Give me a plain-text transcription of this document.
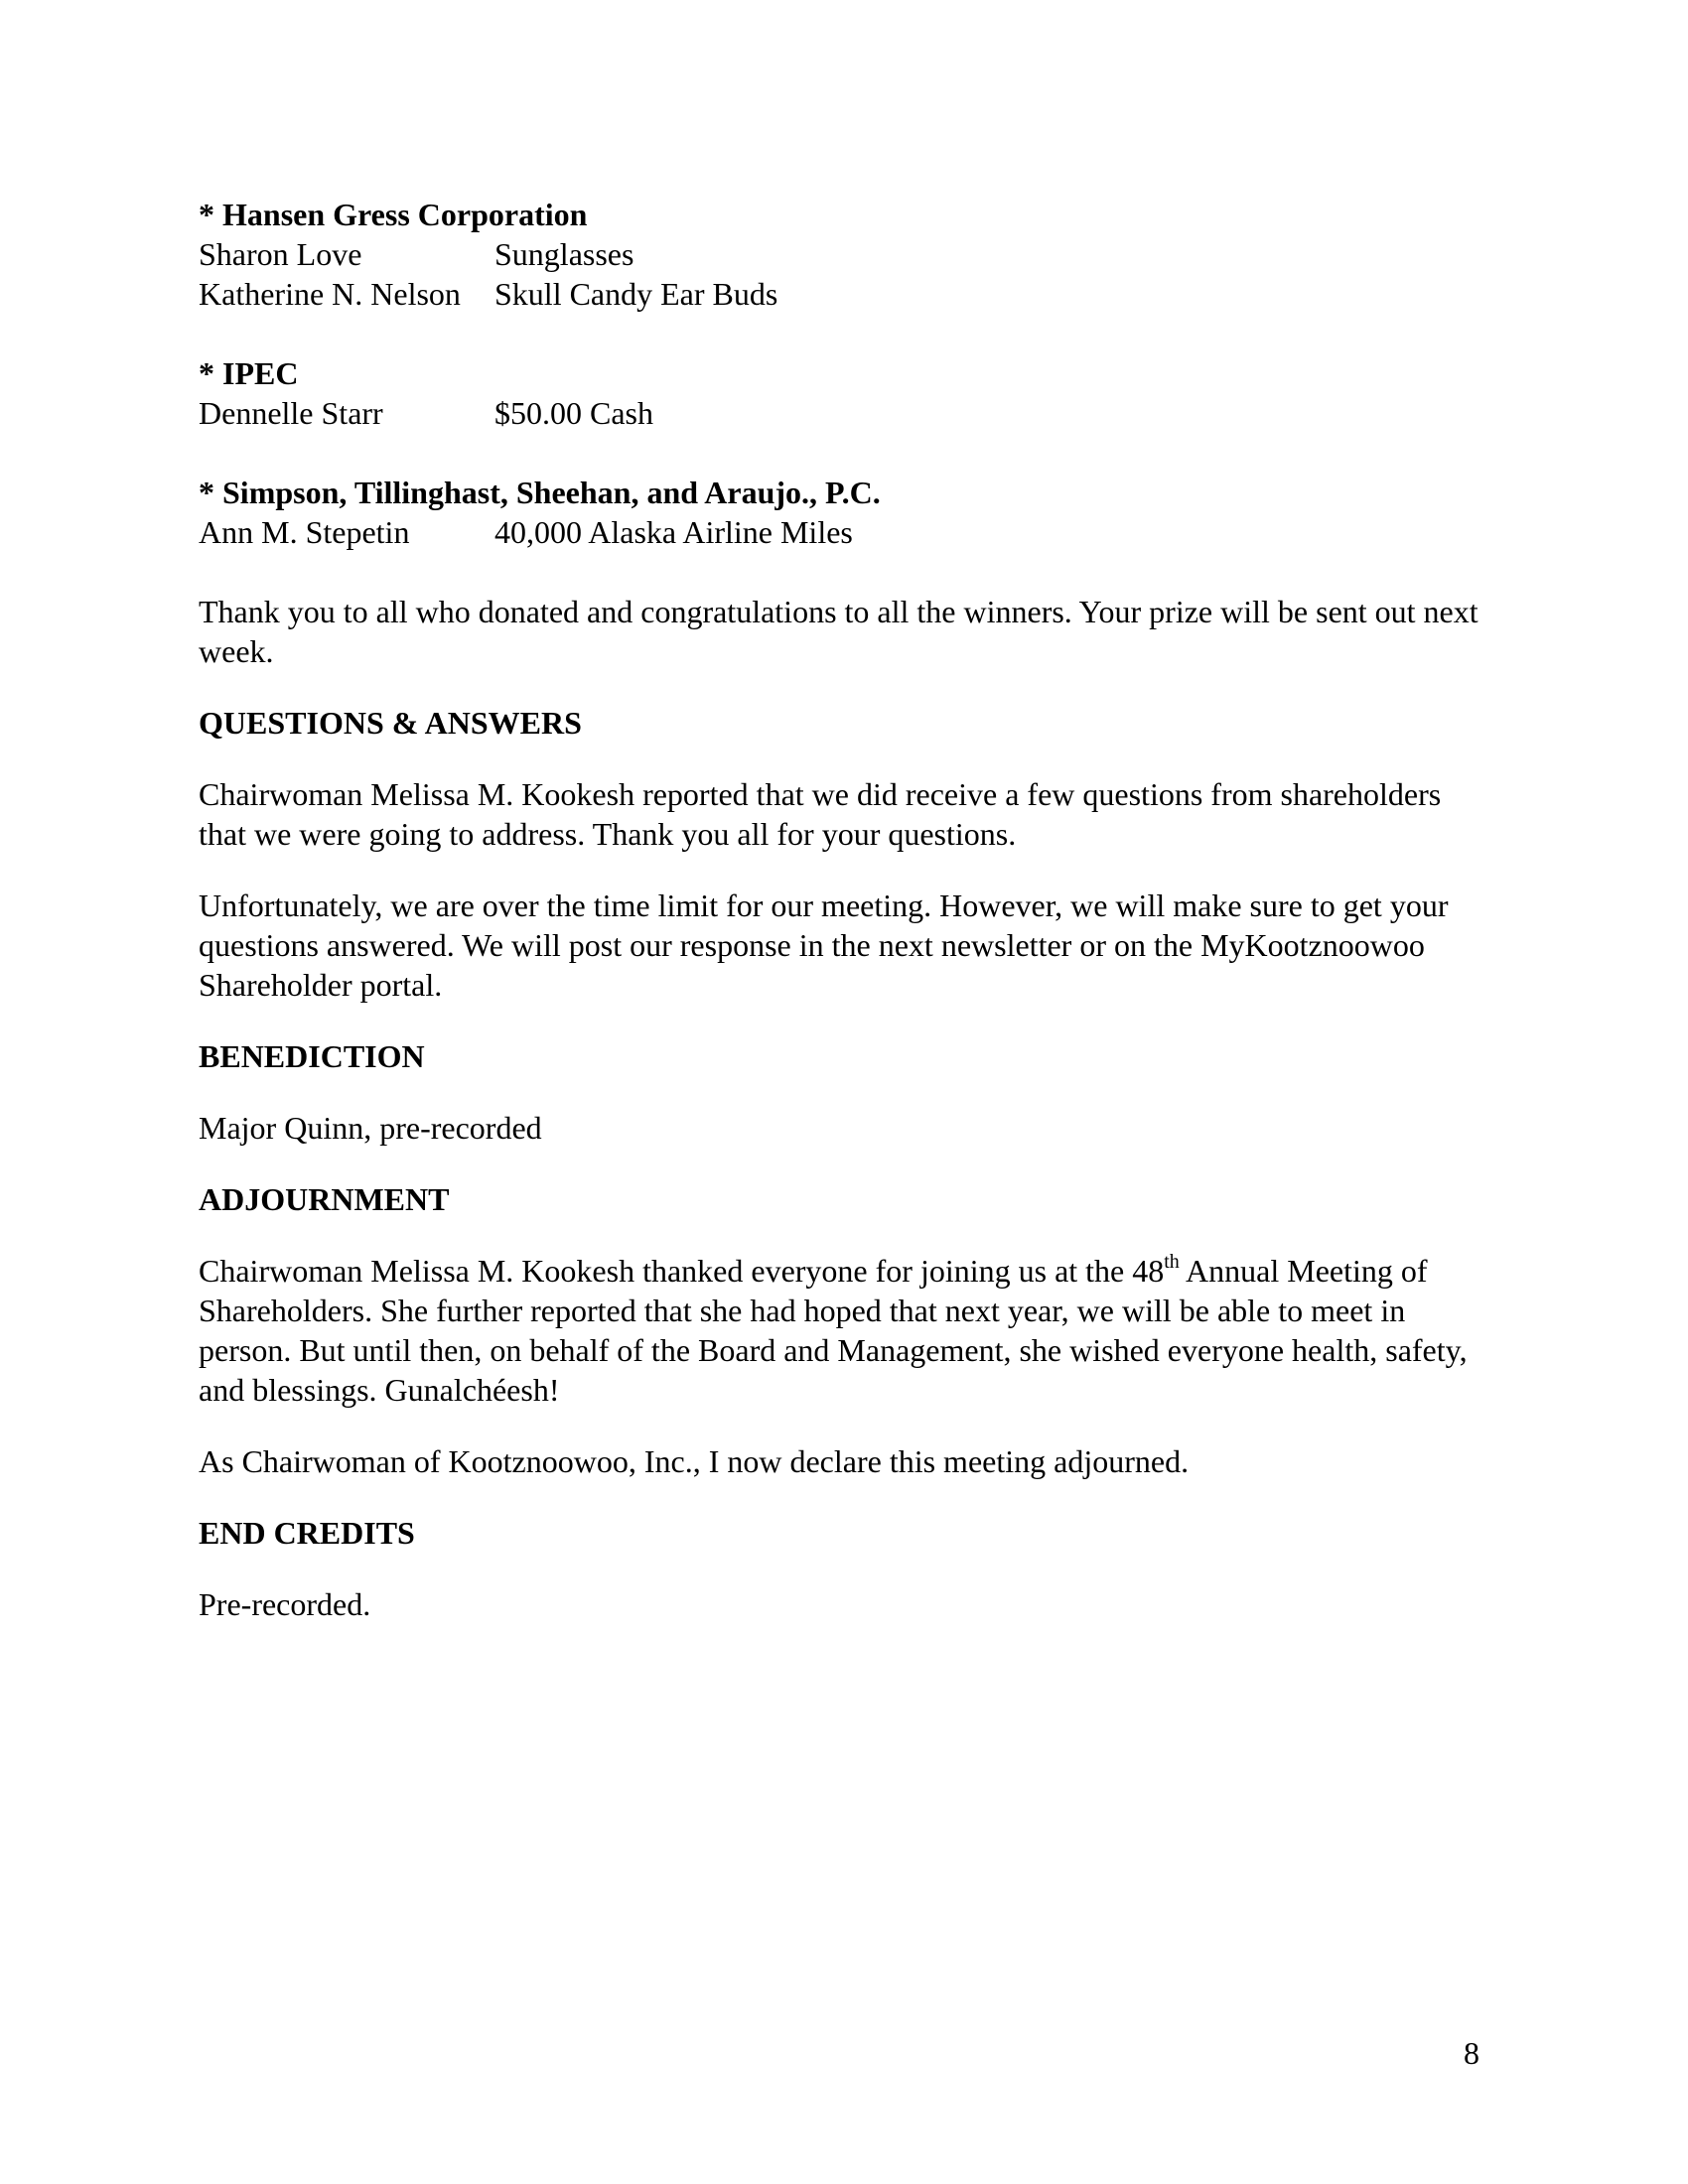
* Hansen Gress Corporation
Sharon Love	Sunglasses
Katherine N. Nelson	Skull Candy Ear Buds
* IPEC
Dennelle Starr	$50.00 Cash
* Simpson, Tillinghast, Sheehan, and Araujo., P.C.
Ann M. Stepetin	40,000 Alaska Airline Miles

Thank you to all who donated and congratulations to all the winners. Your prize will be sent out next week.

QUESTIONS & ANSWERS

Chairwoman Melissa M. Kookesh reported that we did receive a few questions from shareholders that we were going to address. Thank you all for your questions.

Unfortunately, we are over the time limit for our meeting. However, we will make sure to get your questions answered. We will post our response in the next newsletter or on the MyKootznoowoo Shareholder portal.

BENEDICTION

Major Quinn, pre-recorded

ADJOURNMENT

Chairwoman Melissa M. Kookesh thanked everyone for joining us at the 48th Annual Meeting of Shareholders. She further reported that she had hoped that next year, we will be able to meet in person. But until then, on behalf of the Board and Management, she wished everyone health, safety, and blessings. Gunalchéesh!

As Chairwoman of Kootznoowoo, Inc., I now declare this meeting adjourned.

END CREDITS

Pre-recorded.

8
